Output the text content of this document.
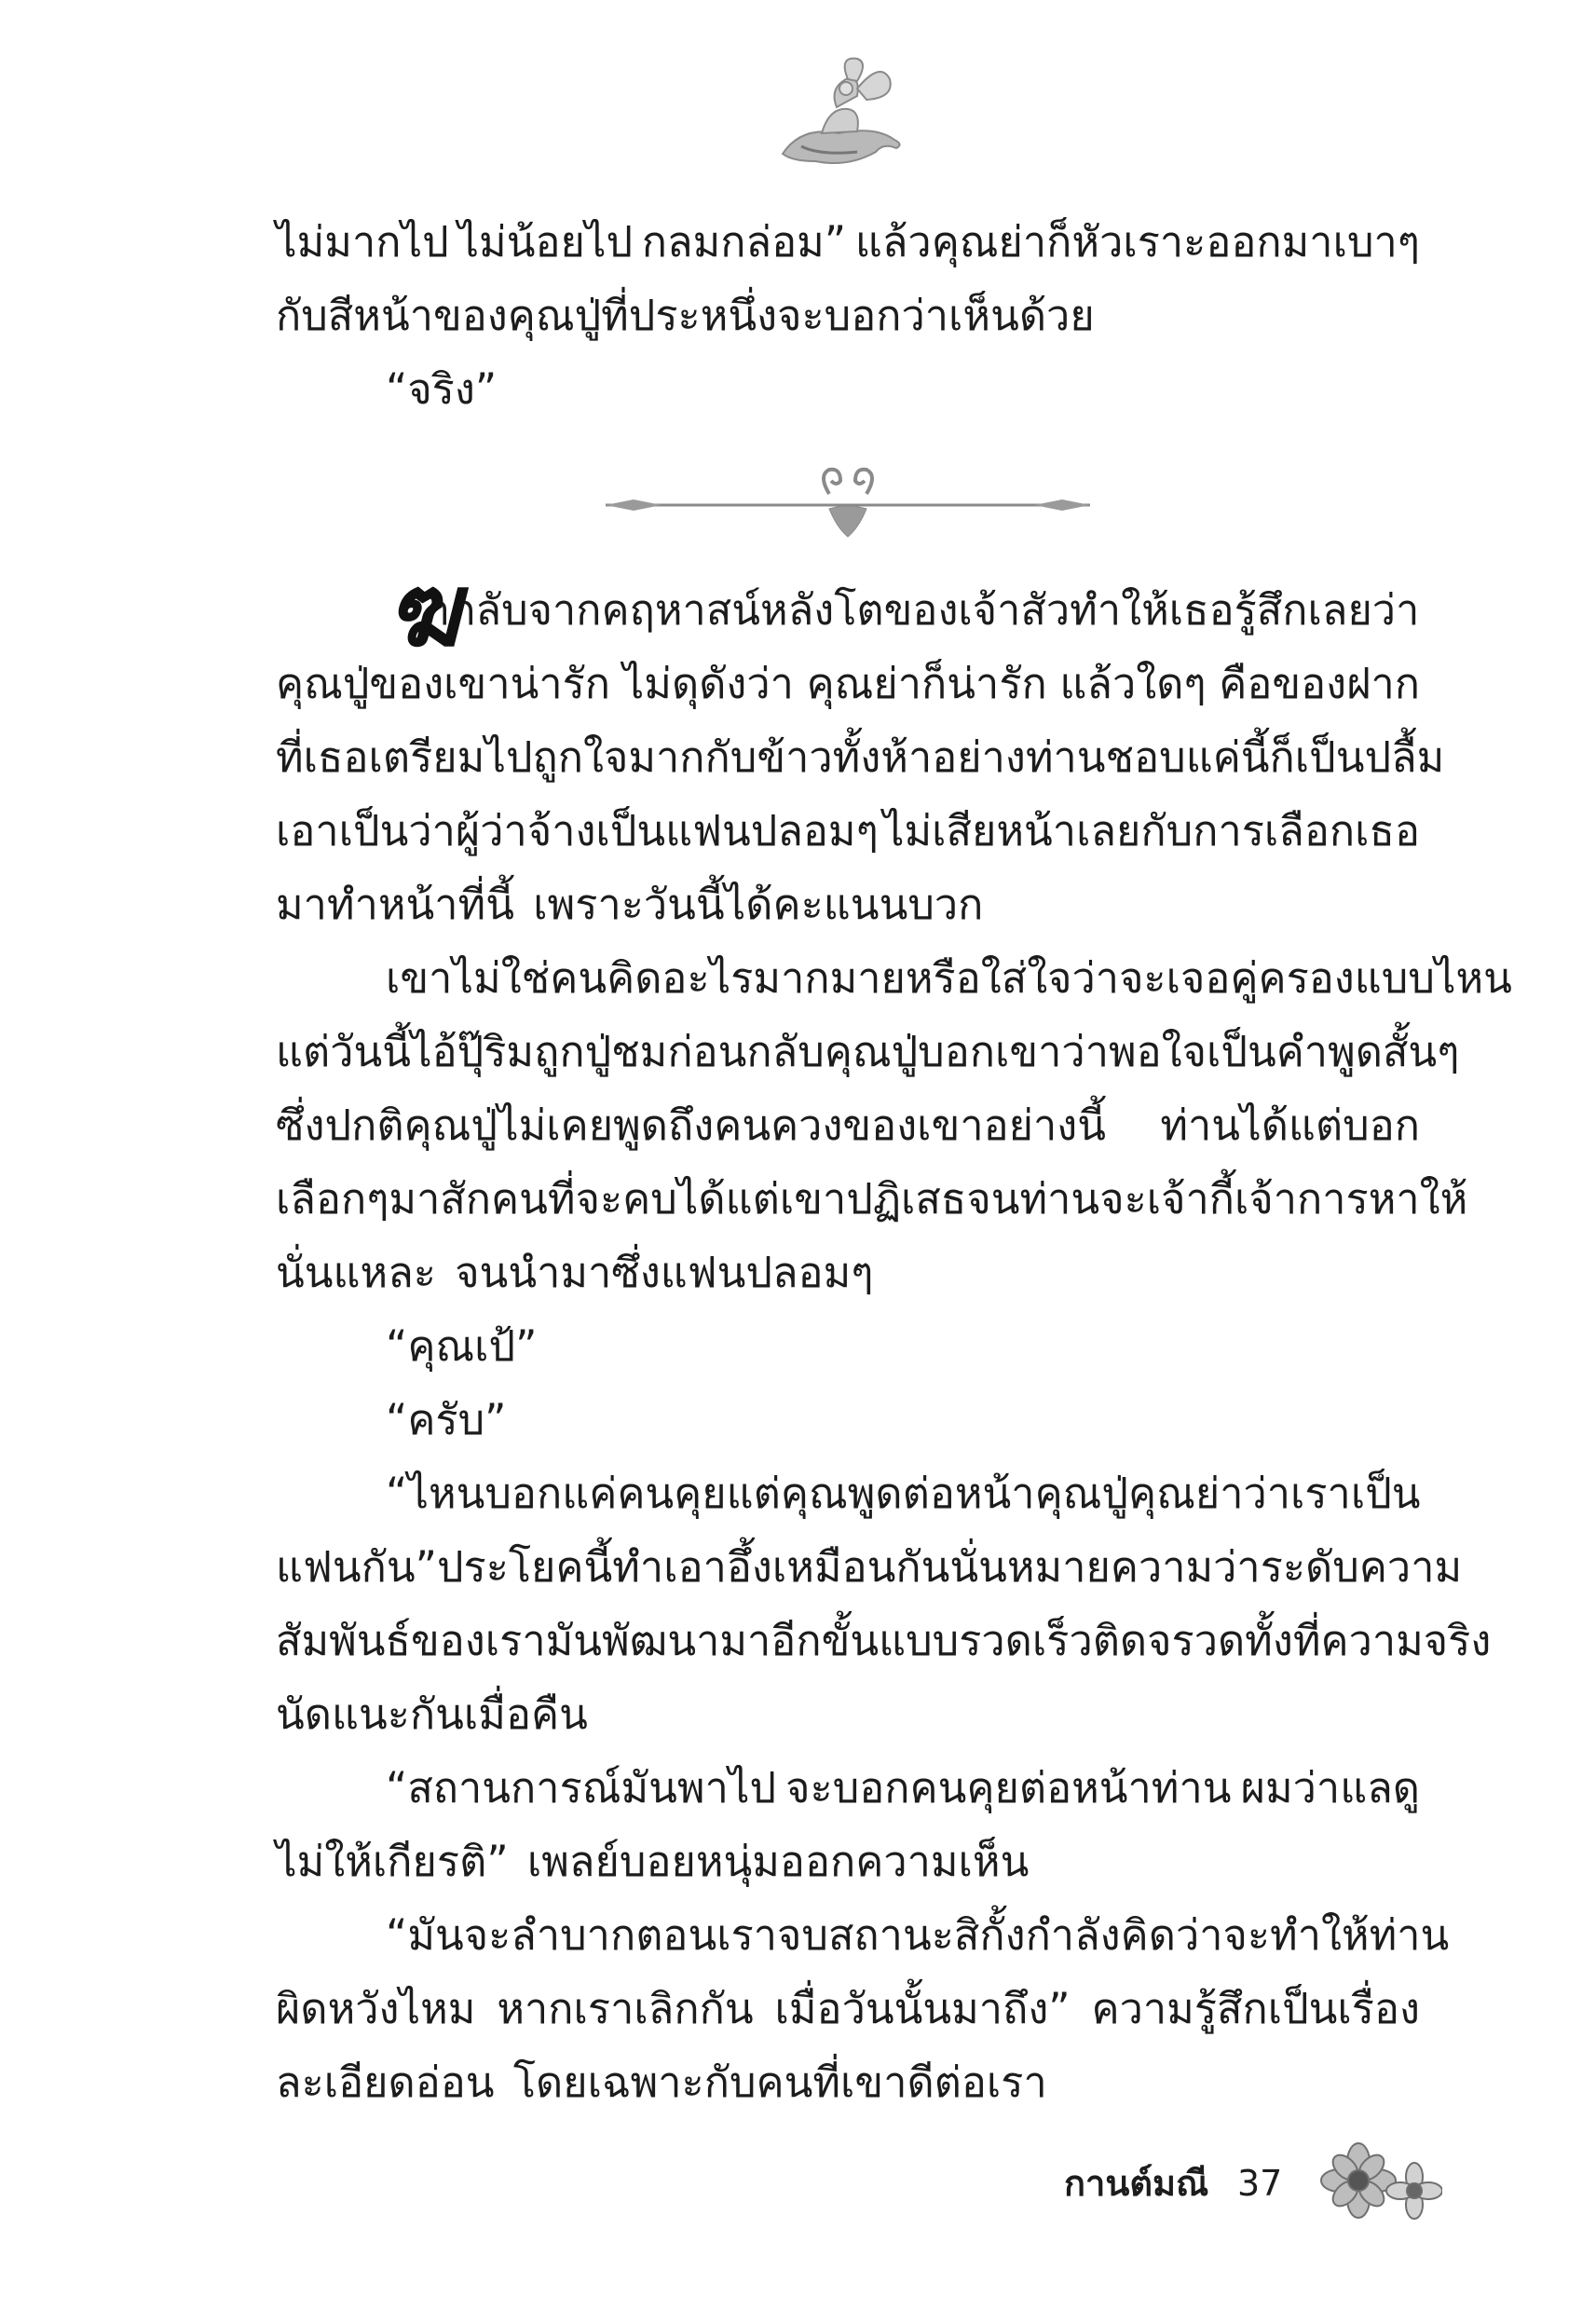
ไม่มากไป ไม่น้อยไป กลมกล่อม” แล้วคุณย่าก็หัวเราะออกมาเบาๆ
กับสีหน้าของคุณปู่ที่ประหนึ่งจะบอกว่าเห็นด้วย
“จริง”
ฆ
ากลับจากคฤหาสน์หลังโตของเจ้าสัวทำให้เธอรู้สึกเลยว่า
คุณปู่ของเขาน่ารัก ไม่ดุดังว่า คุณย่าก็น่ารัก แล้วใดๆ คือของฝาก
ที่เธอเตรียมไปถูกใจมาก กับข้าวทั้งห้าอย่างท่านชอบ แค่นี้ก็เป็นปลื้ม
เอาเป็นว่าผู้ว่าจ้างเป็นแฟนปลอมๆ ไม่เสียหน้าเลยกับการเลือกเธอ
มาทำหน้าที่นี้ เพราะวันนี้ได้คะแนนบวก
เขาไม่ใช่คนคิดอะไรมากมาย หรือใส่ใจว่าจะเจอคู่ครองแบบไหน
แต่วันนี้ไอ้ปุ๊ริมถูกปู่ชม ก่อนกลับคุณปู่บอกเขาว่าพอใจ เป็นคำพูดสั้นๆ
ซึ่งปกติคุณปู่ไม่เคยพูดถึงคนควงของเขาอย่างนี้ ท่านได้แต่บอก
เลือกๆ มาสักคนที่จะคบได้ แต่เขาปฏิเสธ จนท่านจะเจ้ากี้เจ้าการหาให้
นั่นแหละ จนนำมาซึ่งแฟนปลอมๆ
“คุณเป้”
“ครับ”
“ไหนบอกแค่คนคุย แต่คุณพูดต่อหน้าคุณปู่คุณย่าว่าเราเป็น
แฟนกัน” ประโยคนี้ทำเอาอึ้งเหมือนกัน นั่นหมายความว่าระดับความ
สัมพันธ์ของเรามันพัฒนามาอีกขั้นแบบรวดเร็วติดจรวดทั้งที่ความจริง
นัดแนะกันเมื่อคืน
“สถานการณ์มันพาไป จะบอกคนคุยต่อหน้าท่าน ผมว่าแลดู
ไม่ให้เกียรติ” เพลย์บอยหนุ่มออกความเห็น
“มันจะลำบากตอนเราจบสถานะสิ กั้งกำลังคิดว่าจะทำให้ท่าน
ผิดหวังไหม หากเราเลิกกัน เมื่อวันนั้นมาถึง” ความรู้สึกเป็นเรื่อง
ละเอียดอ่อน โดยเฉพาะกับคนที่เขาดีต่อเรา
กานต์มณี 37
